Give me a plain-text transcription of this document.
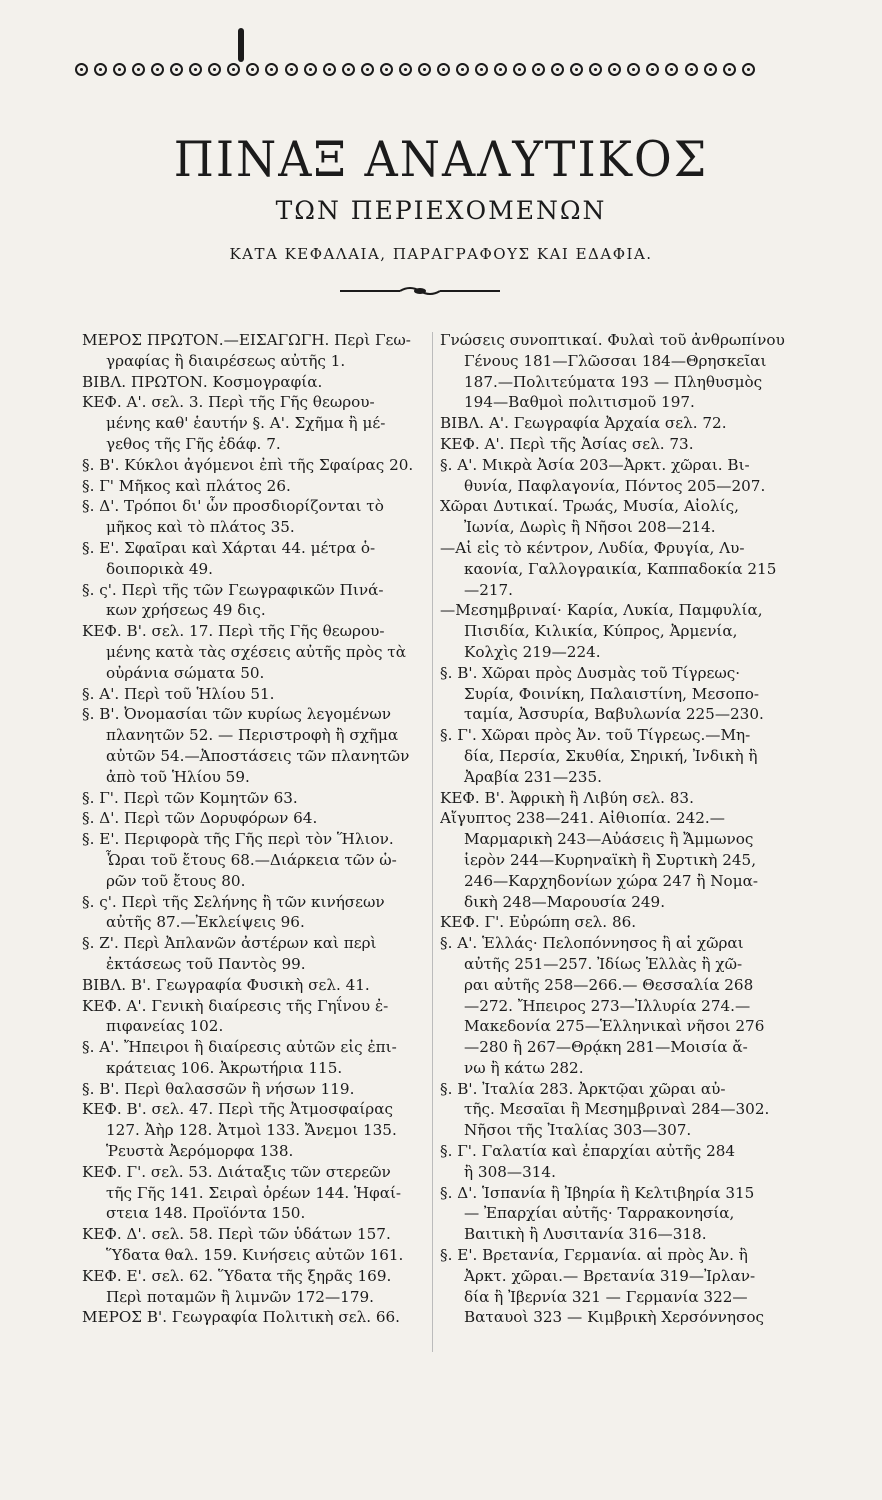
ΠΙΝΑΞ ΑΝΑΛΥΤΙΚΟΣ
ΤΩΝ ΠΕΡΙΕΧΟΜΕΝΩΝ
ΚΑΤΑ ΚΕΦΑΛΑΙΑ, ΠΑΡΑΓΡΑΦΟΥΣ ΚΑΙ ΕΔΑΦΙΑ.
ΜΕΡΟΣ ΠΡΩΤΟΝ.—ΕΙΣΑΓΩΓΗ. Περὶ Γεω-
γραφίας ἢ διαιρέσεως αὐτῆς 1.
ΒΙΒΛ. ΠΡΩΤΟΝ. Κοσμογραφία.
ΚΕΦ. Α'. σελ. 3. Περὶ τῆς Γῆς θεωρου-
μένης καθ' ἑαυτήν §. Α'. Σχῆμα ἢ μέ-
γεθος τῆς Γῆς ἐδάφ. 7.
§. Β'. Κύκλοι ἀγόμενοι ἐπὶ τῆς Σφαίρας 20.
§. Γ' Μῆκος καὶ πλάτος 26.
§. Δ'. Τρόποι δι' ὧν προσδιορίζονται τὸ
μῆκος καὶ τὸ πλάτος 35.
§. Ε'. Σφαῖραι καὶ Χάρται 44. μέτρα ὁ-
δοιπορικὰ 49.
§. ς'. Περὶ τῆς τῶν Γεωγραφικῶν Πινά-
κων χρήσεως 49 δις.
ΚΕΦ. Β'. σελ. 17. Περὶ τῆς Γῆς θεωρου-
μένης κατὰ τὰς σχέσεις αὐτῆς πρὸς τὰ
οὐράνια σώματα 50.
§. Α'. Περὶ τοῦ Ἡλίου 51.
§. Β'. Ὀνομασίαι τῶν κυρίως λεγομένων
πλανητῶν 52. — Περιστροφὴ ἢ σχῆμα
αὐτῶν 54.—Ἀποστάσεις τῶν πλανητῶν
ἀπὸ τοῦ Ἡλίου 59.
§. Γ'. Περὶ τῶν Κομητῶν 63.
§. Δ'. Περὶ τῶν Δορυφόρων 64.
§. Ε'. Περιφορὰ τῆς Γῆς περὶ τὸν Ἥλιον.
Ὧραι τοῦ ἔτους 68.—Διάρκεια τῶν ὡ-
ρῶν τοῦ ἔτους 80.
§. ς'. Περὶ τῆς Σελήνης ἢ τῶν κινήσεων
αὐτῆς 87.—Ἐκλείψεις 96.
§. Ζ'. Περὶ Ἀπλανῶν ἀστέρων καὶ περὶ
ἐκτάσεως τοῦ Παντὸς 99.
ΒΙΒΛ. Β'. Γεωγραφία Φυσικὴ σελ. 41.
ΚΕΦ. Α'. Γενικὴ διαίρεσις τῆς Γηΐνου ἐ-
πιφανείας 102.
§. Α'. Ἤπειροι ἢ διαίρεσις αὐτῶν εἰς ἐπι-
κράτειας 106. Ἀκρωτήρια 115.
§. Β'. Περὶ θαλασσῶν ἢ νήσων 119.
ΚΕΦ. Β'. σελ. 47. Περὶ τῆς Ἀτμοσφαίρας
127. Ἀὴρ 128. Ἀτμοὶ 133. Ἄνεμοι 135.
Ῥευστὰ Ἀερόμορφα 138.
ΚΕΦ. Γ'. σελ. 53. Διάταξις τῶν στερεῶν
τῆς Γῆς 141. Σειραὶ ὀρέων 144. Ἡφαί-
στεια 148. Προϊόντα 150.
ΚΕΦ. Δ'. σελ. 58. Περὶ τῶν ὑδάτων 157.
Ὕδατα θαλ. 159. Κινήσεις αὐτῶν 161.
ΚΕΦ. Ε'. σελ. 62. Ὕδατα τῆς ξηρᾶς 169.
Περὶ ποταμῶν ἢ λιμνῶν 172—179.
ΜΕΡΟΣ Β'. Γεωγραφία Πολιτικὴ σελ. 66.
Γνώσεις συνοπτικαί. Φυλαὶ τοῦ ἀνθρωπίνου
Γένους 181—Γλῶσσαι 184—Θρησκεῖαι
187.—Πολιτεύματα 193 — Πληθυσμὸς
194—Βαθμοὶ πολιτισμοῦ 197.
ΒΙΒΛ. Α'. Γεωγραφία Ἀρχαία σελ. 72.
ΚΕΦ. Α'. Περὶ τῆς Ἀσίας σελ. 73.
§. Α'. Μικρὰ Ἀσία 203—Ἀρκτ. χῶραι. Βι-
θυνία, Παφλαγονία, Πόντος 205—207.
Χῶραι Δυτικαί. Τρωάς, Μυσία, Αἰολίς,
Ἰωνία, Δωρὶς ἢ Νῆσοι 208—214.
—Αἱ εἰς τὸ κέντρον, Λυδία, Φρυγία, Λυ-
καονία, Γαλλογραικία, Καππαδοκία 215
—217.
—Μεσημβριναί· Καρία, Λυκία, Παμφυλία,
Πισιδία, Κιλικία, Κύπρος, Ἀρμενία,
Κολχὶς 219—224.
§. Β'. Χῶραι πρὸς Δυσμὰς τοῦ Τίγρεως·
Συρία, Φοινίκη, Παλαιστίνη, Μεσοπο-
ταμία, Ἀσσυρία, Βαβυλωνία 225—230.
§. Γ'. Χῶραι πρὸς Ἀν. τοῦ Τίγρεως.—Μη-
δία, Περσία, Σκυθία, Σηρική, Ἰνδικὴ ἢ
Ἀραβία 231—235.
ΚΕΦ. Β'. Ἀφρικὴ ἢ Λιβύη σελ. 83.
Αἴγυπτος 238—241. Αἰθιοπία. 242.—
Μαρμαρικὴ 243—Αὐάσεις ἢ Ἄμμωνος
ἱερὸν 244—Κυρηναϊκὴ ἢ Συρτικὴ 245,
246—Καρχηδονίων χώρα 247 ἢ Νομα-
δικὴ 248—Μαρουσία 249.
ΚΕΦ. Γ'. Εὐρώπη σελ. 86.
§. Α'. Ἑλλάς· Πελοπόννησος ἢ αἱ χῶραι
αὐτῆς 251—257. Ἰδίως Ἑλλὰς ἢ χῶ-
ραι αὐτῆς 258—266.— Θεσσαλία 268
—272. Ἤπειρος 273—Ἰλλυρία 274.—
Μακεδονία 275—Ἑλληνικαὶ νῆσοι 276
—280 ἢ 267—Θρᾴκη 281—Μοισία ἄ-
νω ἢ κάτω 282.
§. Β'. Ἰταλία 283. Ἀρκτῷαι χῶραι αὐ-
τῆς. Μεσαῖαι ἢ Μεσημβριναὶ 284—302.
Νῆσοι τῆς Ἰταλίας 303—307.
§. Γ'. Γαλατία καὶ ἐπαρχίαι αὐτῆς 284
ἢ 308—314.
§. Δ'. Ἱσπανία ἢ Ἰβηρία ἢ Κελτιβηρία 315
— Ἐπαρχίαι αὐτῆς· Ταρρακονησία,
Βαιτικὴ ἢ Λυσιτανία 316—318.
§. Ε'. Βρετανία, Γερμανία. αἱ πρὸς Ἀν. ἢ
Ἀρκτ. χῶραι.— Βρετανία 319—Ἰρλαν-
δία ἢ Ἰβερνία 321 — Γερμανία 322—
Βαταυοὶ 323 — Κιμβρικὴ Χερσόννησος
